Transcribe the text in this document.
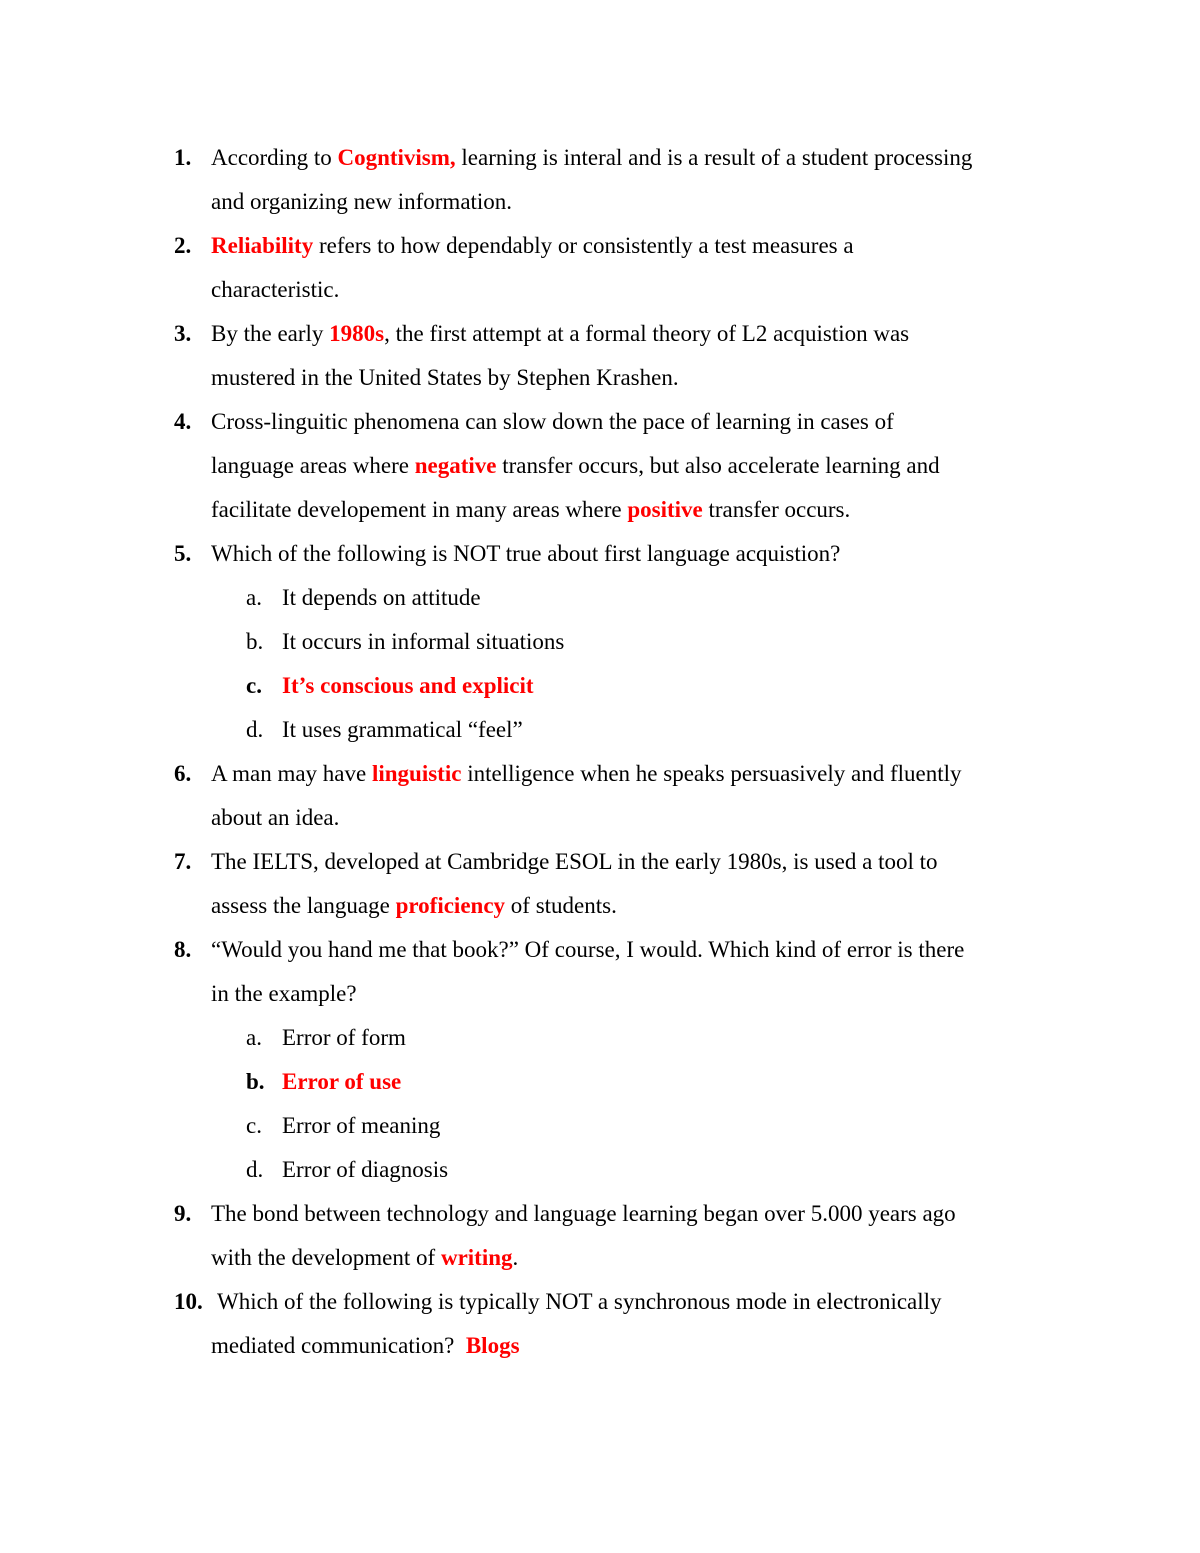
1. According to Cogntivism, learning is interal and is a result of a student processing
and organizing new information.
2. Reliability refers to how dependably or consistently a test measures a
characteristic.
3. By the early 1980s, the first attempt at a formal theory of L2 acquistion was
mustered in the United States by Stephen Krashen.
4. Cross-linguitic phenomena can slow down the pace of learning in cases of
language areas where negative transfer occurs, but also accelerate learning and
facilitate developement in many areas where positive transfer occurs.
5. Which of the following is NOT true about first language acquistion?
a. It depends on attitude
b. It occurs in informal situations
c. It’s conscious and explicit
d. It uses grammatical “feel”
6. A man may have linguistic intelligence when he speaks persuasively and fluently
about an idea.
7. The IELTS, developed at Cambridge ESOL in the early 1980s, is used a tool to
assess the language proficiency of students.
8. “Would you hand me that book?” Of course, I would. Which kind of error is there
in the example?
a. Error of form
b. Error of use
c. Error of meaning
d. Error of diagnosis
9. The bond between technology and language learning began over 5.000 years ago
with the development of writing.
10. Which of the following is typically NOT a synchronous mode in electronically
mediated communication?  Blogs
